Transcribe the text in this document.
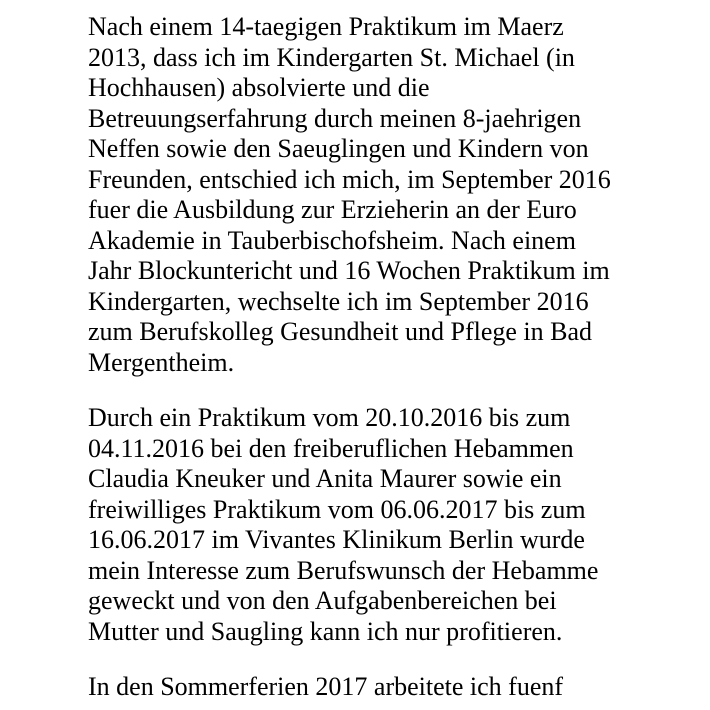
Nach einem 14-taegigen Praktikum im Maerz
2013, dass ich im Kindergarten St. Michael (in
Hochhausen) absolvierte und die
Betreuungserfahrung durch meinen 8-jaehrigen
Neffen sowie den Saeuglingen und Kindern von
Freunden, entschied ich mich, im September 2016
fuer die Ausbildung zur Erzieherin an der Euro
Akademie in Tauberbischofsheim. Nach einem
Jahr Blockuntericht und 16 Wochen Praktikum im
Kindergarten, wechselte ich im September 2016
zum Berufskolleg Gesundheit und Pflege in Bad
Mergentheim.

Durch ein Praktikum vom 20.10.2016 bis zum
04.11.2016 bei den freiberuflichen Hebammen
Claudia Kneuker und Anita Maurer sowie ein
freiwilliges Praktikum vom 06.06.2017 bis zum
16.06.2017 im Vivantes Klinikum Berlin wurde
mein Interesse zum Berufswunsch der Hebamme
geweckt und von den Aufgabenbereichen bei
Mutter und Saugling kann ich nur profitieren.

In den Sommerferien 2017 arbeitete ich fuenf
